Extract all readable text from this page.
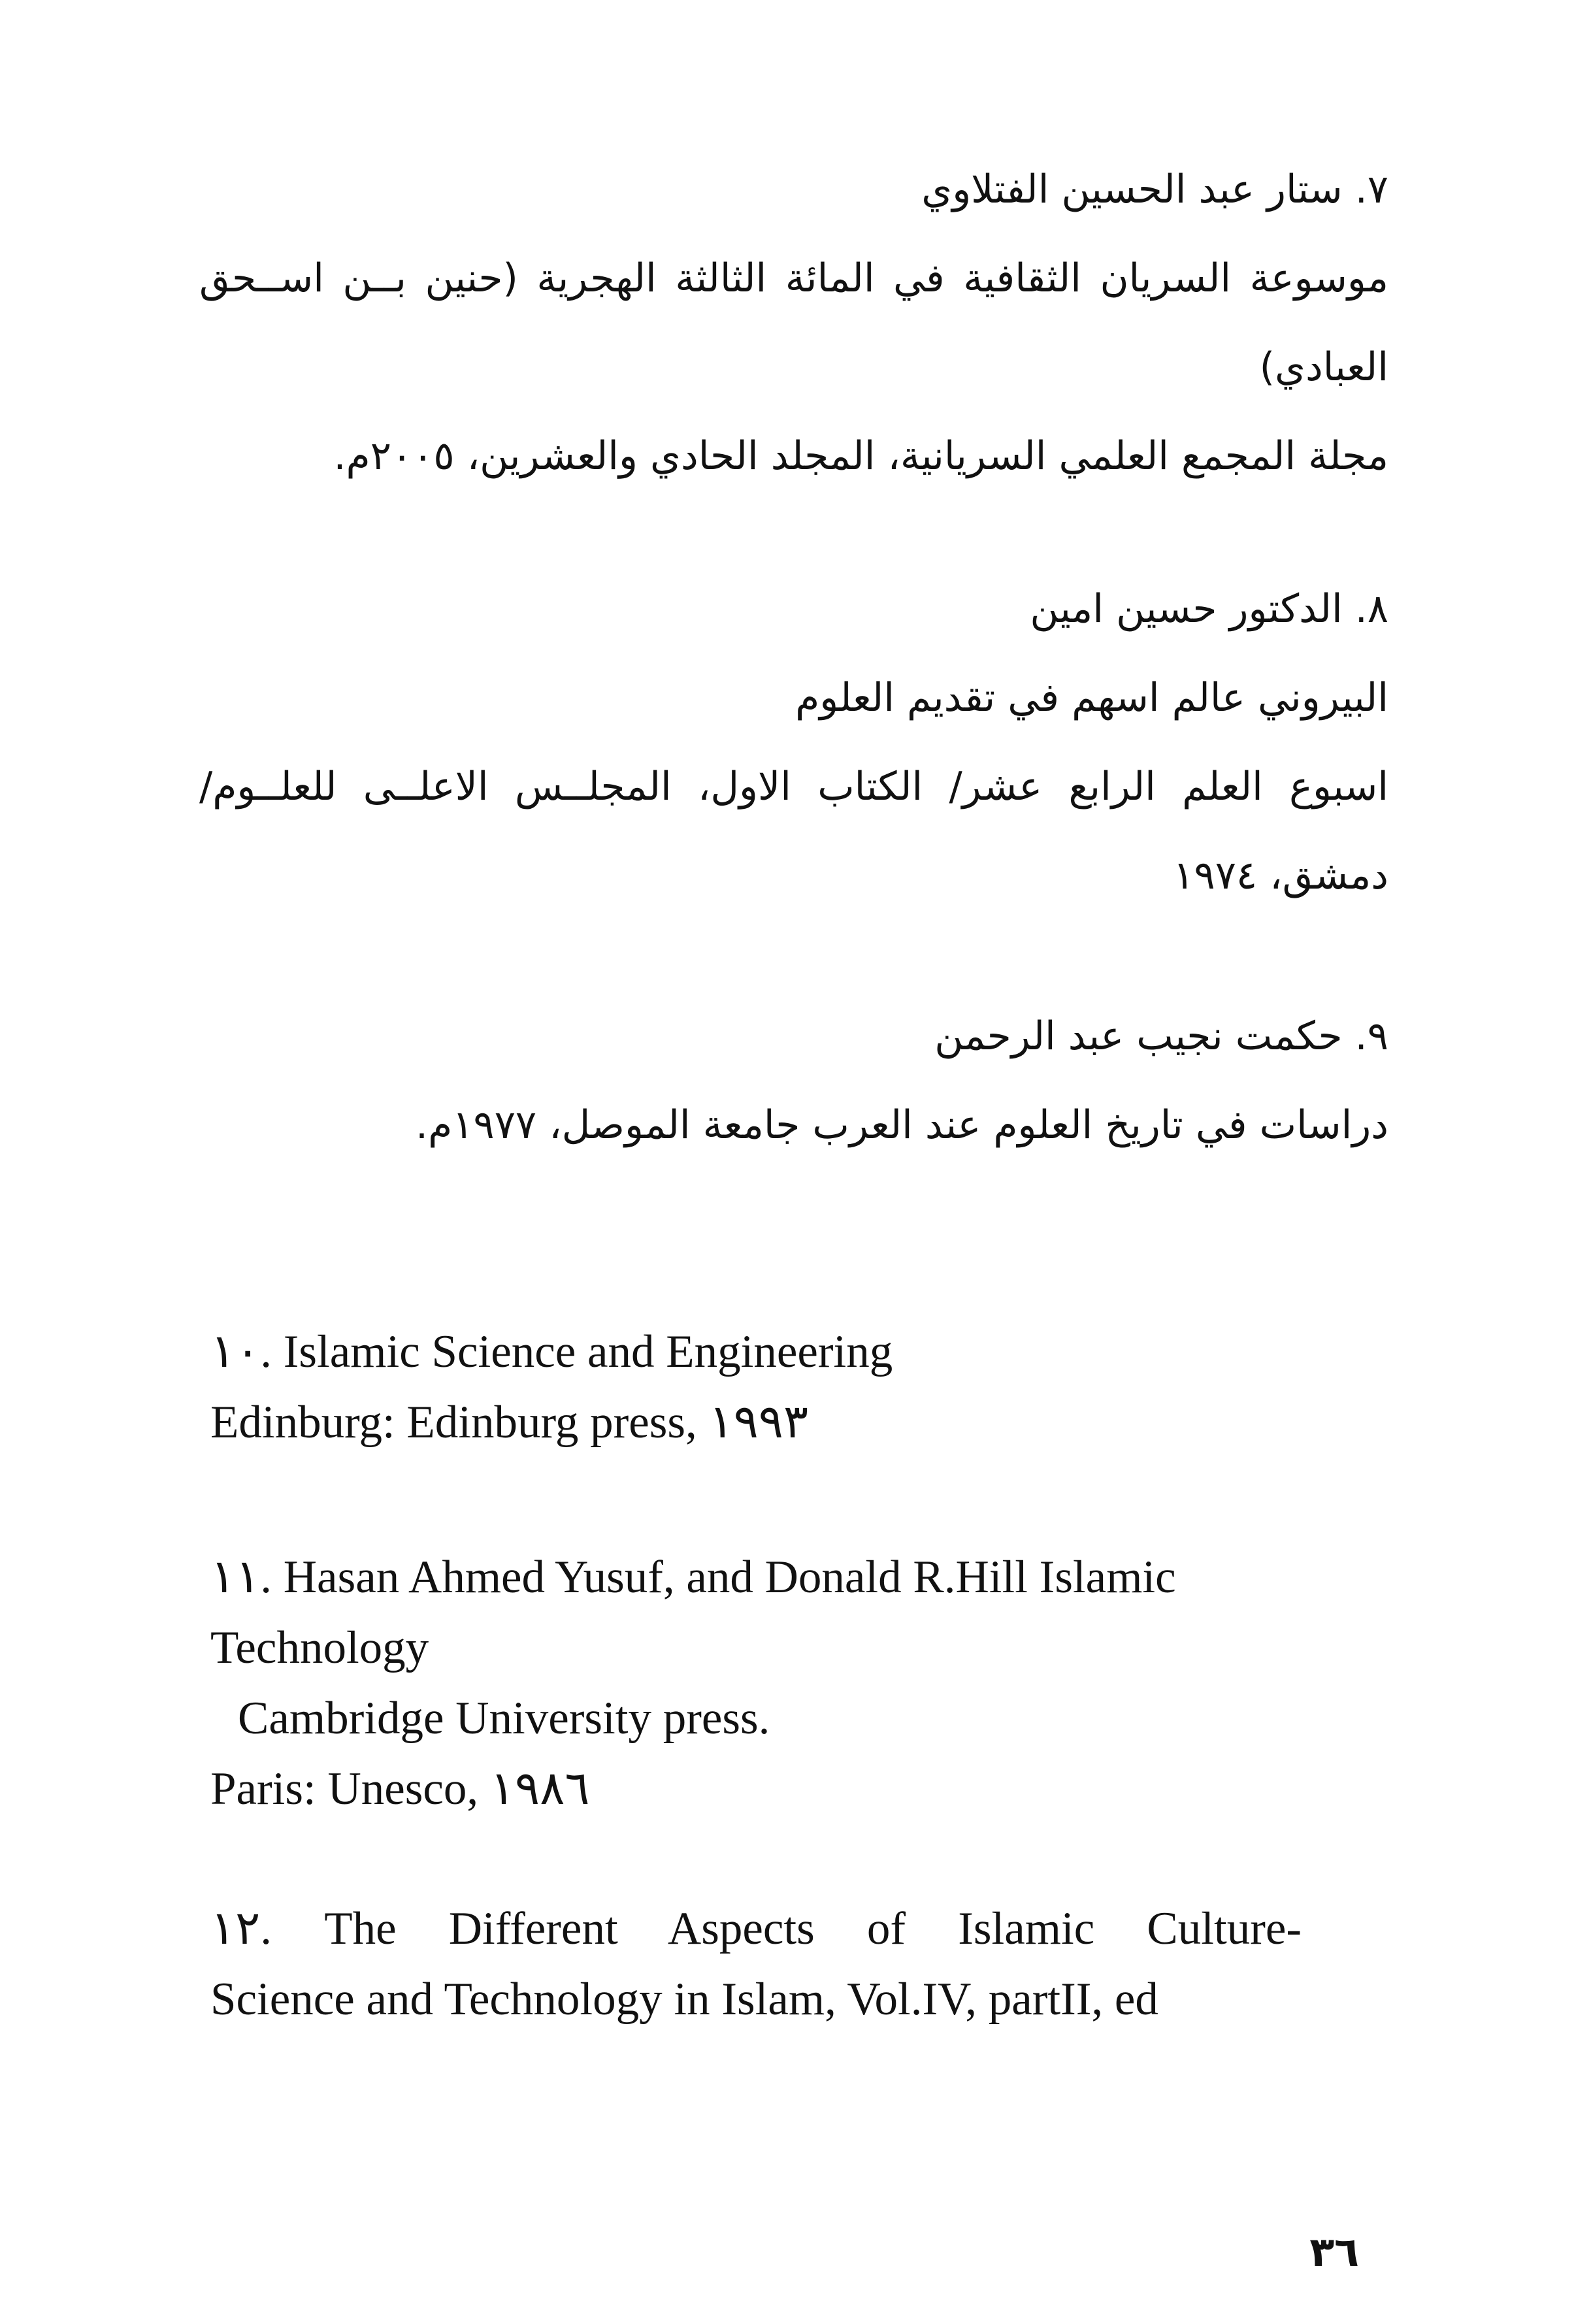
٧. ستار عبد الحسين الفتلاوي
موسوعة السريان الثقافية في المائة الثالثة الهجرية (حنين بــن اســحق
العبادي)
مجلة المجمع العلمي السريانية، المجلد الحادي والعشرين، ٢٠٠٥م.
٨. الدكتور حسين امين
البيروني عالم اسهم في تقديم العلوم
اسبوع العلم الرابع عشر/ الكتاب الاول، المجلــس الاعلــى للعلــوم/
دمشق، ١٩٧٤
٩. حكمت نجيب عبد الرحمن
دراسات في تاريخ العلوم عند العرب جامعة الموصل، ١٩٧٧م.
١٠. Islamic Science and Engineering
Edinburg: Edinburg press, ١٩٩٣
١١. Hasan Ahmed Yusuf, and Donald R.Hill Islamic
Technology
Cambridge University press.
Paris: Unesco, ١٩٨٦
١٢. The Different Aspects of Islamic Culture-
Science and Technology in Islam, Vol.IV, partII, ed
٣٦
